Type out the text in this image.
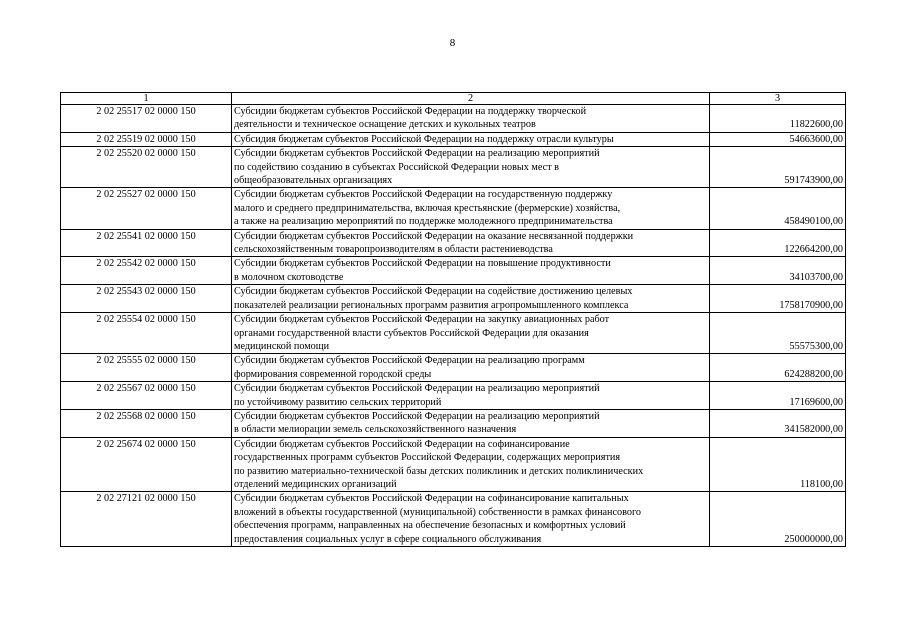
8
1	2	3
2 02 25517 02 0000 150	Субсидии бюджетам субъектов Российской Федерации на поддержку творческой
деятельности и техническое оснащение детских и кукольных театров	11822600,00
2 02 25519 02 0000 150	Субсидия бюджетам субъектов Российской Федерации на поддержку отрасли культуры	54663600,00
2 02 25520 02 0000 150	Субсидии бюджетам субъектов Российской Федерации на реализацию мероприятий
по содействию созданию в субъектах Российской Федерации новых мест в
общеобразовательных организациях	591743900,00
2 02 25527 02 0000 150	Субсидии бюджетам субъектов Российской Федерации на государственную поддержку
малого и среднего предпринимательства, включая крестьянские (фермерские) хозяйства,
а также на реализацию мероприятий по поддержке молодежного предпринимательства	458490100,00
2 02 25541 02 0000 150	Субсидии бюджетам субъектов Российской Федерации на оказание несвязанной поддержки
сельскохозяйственным товаропроизводителям в области растениеводства	122664200,00
2 02 25542 02 0000 150	Субсидии бюджетам субъектов Российской Федерации на повышение продуктивности
в молочном скотоводстве	34103700,00
2 02 25543 02 0000 150	Субсидии бюджетам субъектов Российской Федерации на содействие достижению целевых
показателей реализации региональных программ развития агропромышленного комплекса	1758170900,00
2 02 25554 02 0000 150	Субсидии бюджетам субъектов Российской Федерации на закупку авиационных работ
органами государственной власти субъектов Российской Федерации для оказания
медицинской помощи	55575300,00
2 02 25555 02 0000 150	Субсидии бюджетам субъектов Российской Федерации на реализацию программ
формирования современной городской среды	624288200,00
2 02 25567 02 0000 150	Субсидии бюджетам субъектов Российской Федерации на реализацию мероприятий
по устойчивому развитию сельских территорий	17169600,00
2 02 25568 02 0000 150	Субсидии бюджетам субъектов Российской Федерации на реализацию мероприятий
в области мелиорации земель сельскохозяйственного назначения	341582000,00
2 02 25674 02 0000 150	Субсидии бюджетам субъектов Российской Федерации на софинансирование
государственных программ субъектов Российской Федерации, содержащих мероприятия
по развитию материально-технической базы детских поликлиник и детских поликлинических
отделений медицинских организаций	118100,00
2 02 27121 02 0000 150	Субсидии бюджетам субъектов Российской Федерации на софинансирование капитальных
вложений в объекты государственной (муниципальной) собственности в рамках финансового
обеспечения программ, направленных на обеспечение безопасных и комфортных условий
предоставления социальных услуг в сфере социального обслуживания	250000000,00
